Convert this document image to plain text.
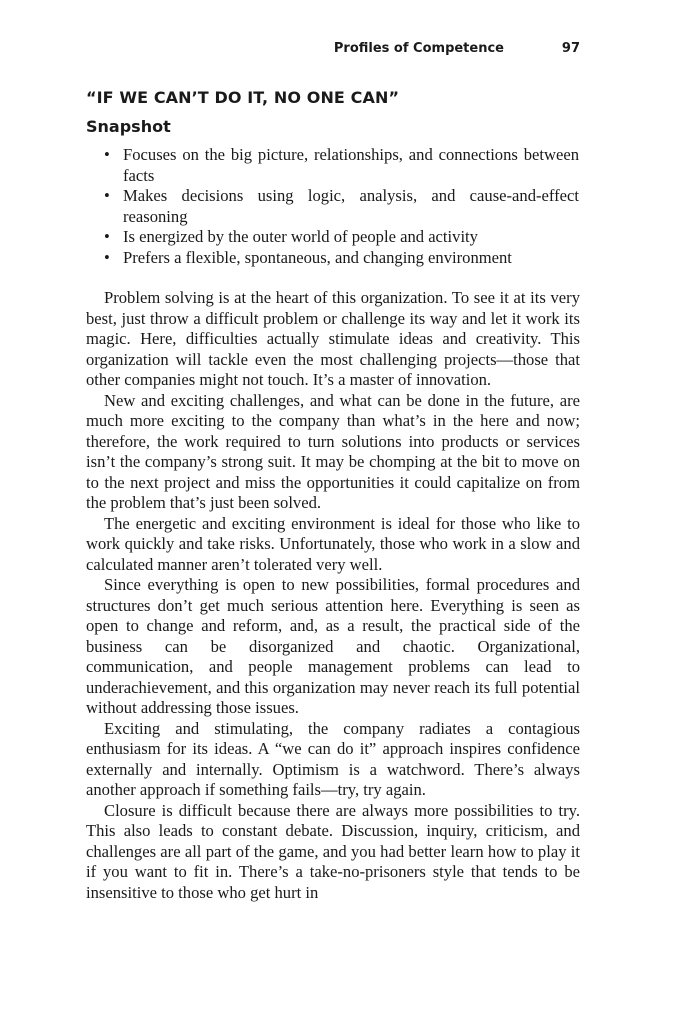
Profiles of Competence	97
“IF WE CAN’T DO IT, NO ONE CAN”
Snapshot
• Focuses on the big picture, relationships, and connections between facts
• Makes decisions using logic, analysis, and cause-and-effect reasoning
• Is energized by the outer world of people and activity
• Prefers a flexible, spontaneous, and changing environment

Problem solving is at the heart of this organization. To see it at its very best, just throw a difficult problem or challenge its way and let it work its magic. Here, difficulties actually stimulate ideas and creativity. This organization will tackle even the most challenging projects—those that other companies might not touch. It’s a master of innovation.

New and exciting challenges, and what can be done in the future, are much more exciting to the company than what’s in the here and now; therefore, the work required to turn solutions into products or services isn’t the company’s strong suit. It may be chomping at the bit to move on to the next project and miss the opportunities it could capitalize on from the problem that’s just been solved.

The energetic and exciting environment is ideal for those who like to work quickly and take risks. Unfortunately, those who work in a slow and calculated manner aren’t tolerated very well.

Since everything is open to new possibilities, formal procedures and structures don’t get much serious attention here. Everything is seen as open to change and reform, and, as a result, the practical side of the business can be disorganized and chaotic. Organizational, communication, and people management problems can lead to underachievement, and this organization may never reach its full potential without addressing those issues.

Exciting and stimulating, the company radiates a contagious enthusiasm for its ideas. A “we can do it” approach inspires confidence externally and internally. Optimism is a watchword. There’s always another approach if something fails—try, try again.

Closure is difficult because there are always more possibilities to try. This also leads to constant debate. Discussion, inquiry, criticism, and challenges are all part of the game, and you had better learn how to play it if you want to fit in. There’s a take-no-prisoners style that tends to be insensitive to those who get hurt in
